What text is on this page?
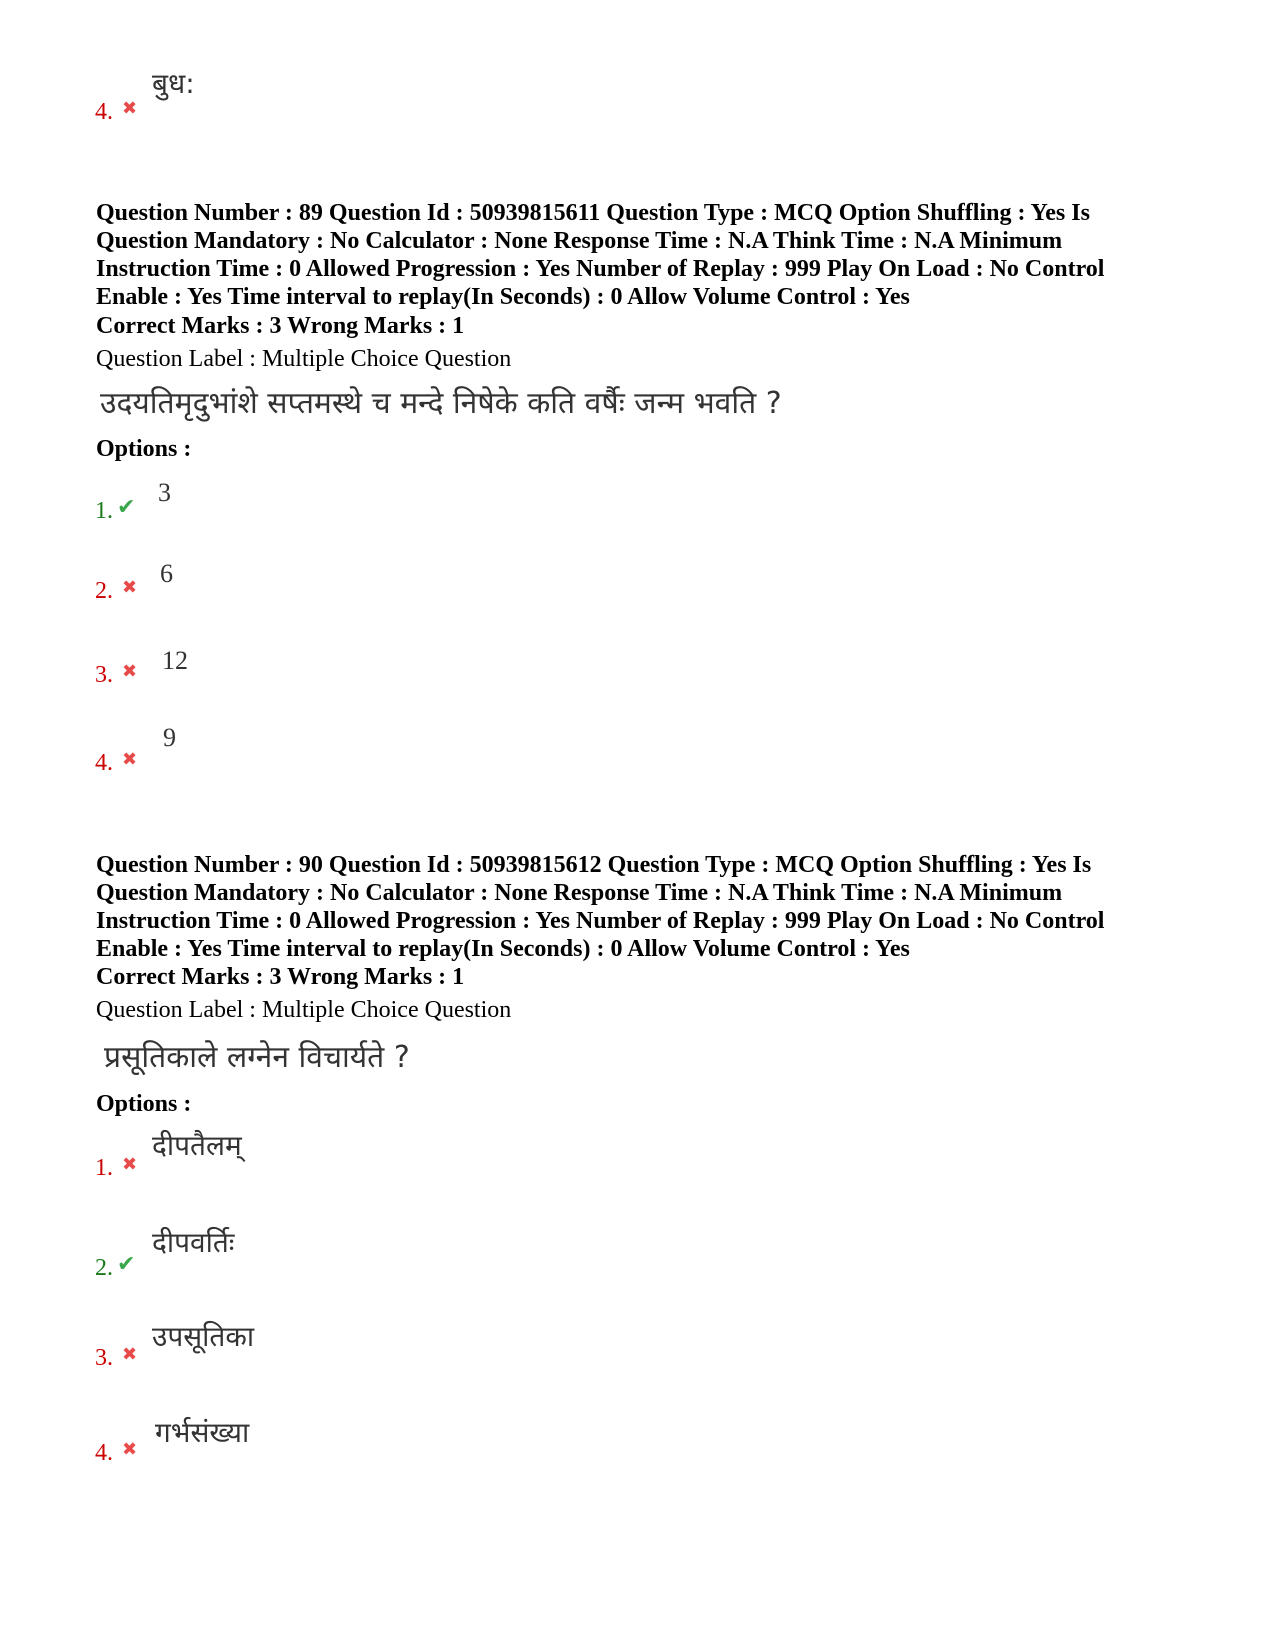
4. ✖
बुध:
Question Number : 89 Question Id : 50939815611 Question Type : MCQ Option Shuffling : Yes Is
Question Mandatory : No Calculator : None Response Time : N.A Think Time : N.A Minimum
Instruction Time : 0 Allowed Progression : Yes Number of Replay : 999 Play On Load : No Control
Enable : Yes Time interval to replay(In Seconds) : 0 Allow Volume Control : Yes
Correct Marks : 3 Wrong Marks : 1
Question Label : Multiple Choice Question
उदयतिमृदुभांशे सप्तमस्थे च मन्दे निषेके कति वर्षैः जन्म भवति ?
Options :
1. ✔
3
2. ✖ 6
3. ✖ 12
4. ✖
9
Question Number : 90 Question Id : 50939815612 Question Type : MCQ Option Shuffling : Yes Is
Question Mandatory : No Calculator : None Response Time : N.A Think Time : N.A Minimum
Instruction Time : 0 Allowed Progression : Yes Number of Replay : 999 Play On Load : No Control
Enable : Yes Time interval to replay(In Seconds) : 0 Allow Volume Control : Yes
Correct Marks : 3 Wrong Marks : 1
Question Label : Multiple Choice Question
प्रसूतिकाले लग्नेन विचार्यते ?
Options :
1. ✖
दीपतैलम्
2. ✔
दीपवर्तिः
3. ✖
उपसूतिका
4. ✖
गर्भसंख्या
